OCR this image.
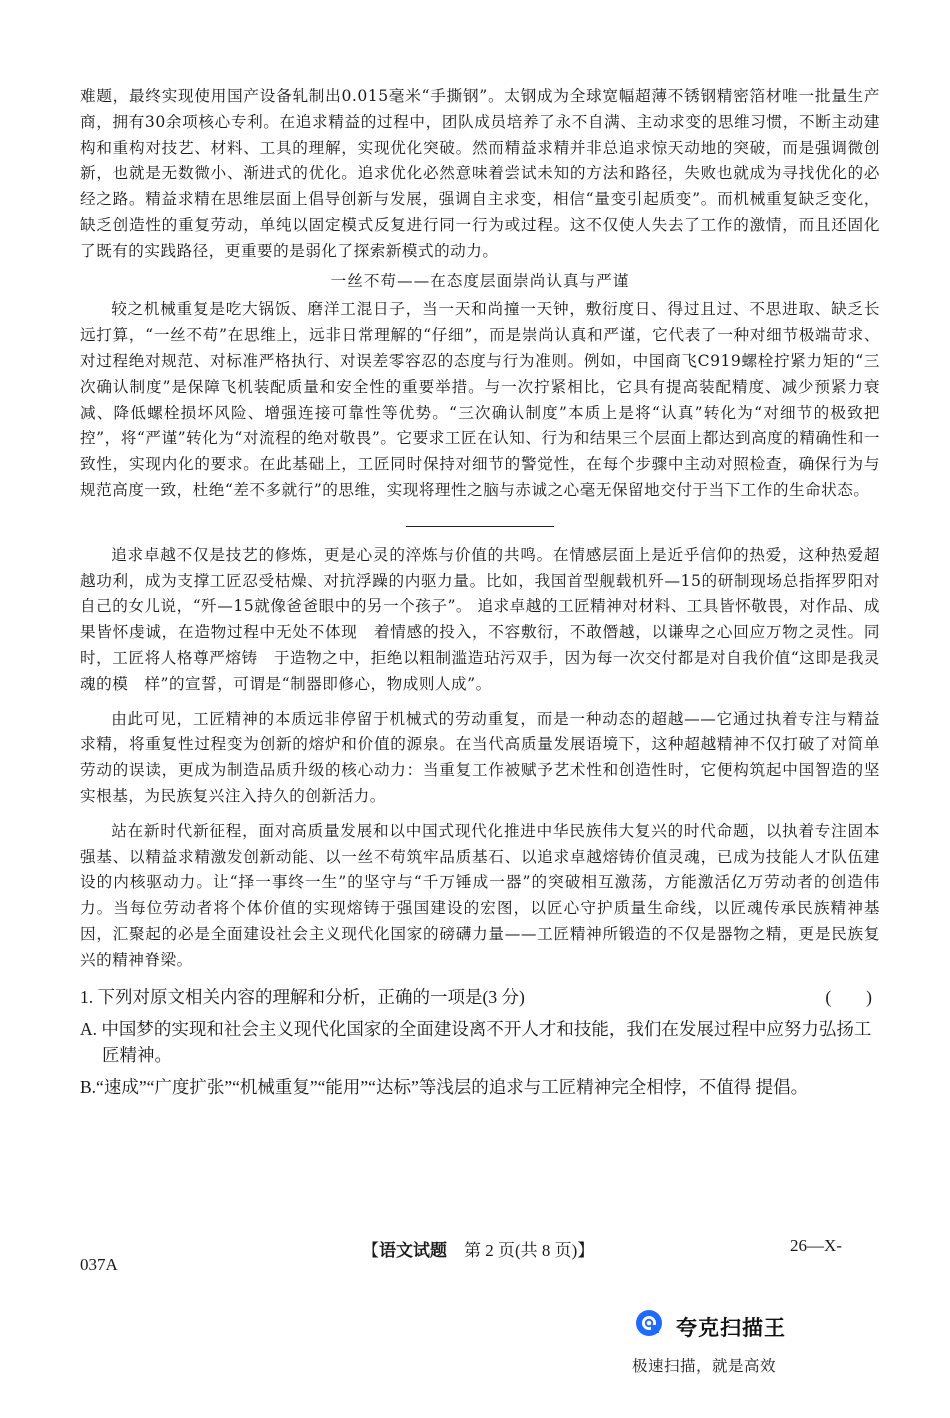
难题，最终实现使用国产设备轧制出0.015毫米“手撕钢”。太钢成为全球宽幅超薄不锈钢精密箔材唯一批量生产商，拥有30余项核心专利。在追求精益的过程中，团队成员培养了永不自满、主动求变的思维习惯，不断主动建构和重构对技艺、材料、工具的理解，实现优化突破。然而精益求精并非总追求惊天动地的突破，而是强调微创新，也就是无数微小、渐进式的优化。追求优化必然意味着尝试未知的方法和路径，失败也就成为寻找优化的必经之路。精益求精在思维层面上倡导创新与发展，强调自主求变，相信“量变引起质变”。而机械重复缺乏变化，缺乏创造性的重复劳动，单纯以固定模式反复进行同一行为或过程。这不仅使人失去了工作的激情，而且还固化了既有的实践路径，更重要的是弱化了探索新模式的动力。

一丝不苟——在态度层面崇尚认真与严谨

较之机械重复是吃大锅饭、磨洋工混日子，当一天和尚撞一天钟，敷衍度日、得过且过、不思进取、缺乏长远打算，“一丝不苟”在思维上，远非日常理解的“仔细”，而是崇尚认真和严谨，它代表了一种对细节极端苛求、对过程绝对规范、对标准严格执行、对误差零容忍的态度与行为准则。例如，中国商飞C919螺栓拧紧力矩的“三次确认制度”是保障飞机装配质量和安全性的重要举措。与一次拧紧相比，它具有提高装配精度、减少预紧力衰减、降低螺栓损坏风险、增强连接可靠性等优势。“三次确认制度”本质上是将“认真”转化为“对细节的极致把控”，将“严谨”转化为“对流程的绝对敬畏”。它要求工匠在认知、行为和结果三个层面上都达到高度的精确性和一致性，实现内化的要求。在此基础上，工匠同时保持对细节的警觉性，在每个步骤中主动对照检查，确保行为与规范高度一致，杜绝“差不多就行”的思维，实现将理性之脑与赤诚之心毫无保留地交付于当下工作的生命状态。

追求卓越不仅是技艺的修炼，更是心灵的淬炼与价值的共鸣。在情感层面上是近乎信仰的热爱，这种热爱超越功利，成为支撑工匠忍受枯燥、对抗浮躁的内驱力量。比如，我国首型舰载机歼—15的研制现场总指挥罗阳对自己的女儿说，“歼—15就像爸爸眼中的另一个孩子”。 追求卓越的工匠精神对材料、工具皆怀敬畏，对作品、成果皆怀虔诚，在造物过程中无处不体现　着情感的投入，不容敷衍，不敢僭越，以谦卑之心回应万物之灵性。同时，工匠将人格尊严熔铸　于造物之中，拒绝以粗制滥造玷污双手，因为每一次交付都是对自我价值“这即是我灵魂的模　样”的宣誓，可谓是“制器即修心，物成则人成”。

由此可见，工匠精神的本质远非停留于机械式的劳动重复，而是一种动态的超越——它通过执着专注与精益求精，将重复性过程变为创新的熔炉和价值的源泉。在当代高质量发展语境下，这种超越精神不仅打破了对简单劳动的误读，更成为制造品质升级的核心动力：当重复工作被赋予艺术性和创造性时，它便构筑起中国智造的坚实根基，为民族复兴注入持久的创新活力。

站在新时代新征程，面对高质量发展和以中国式现代化推进中华民族伟大复兴的时代命题，以执着专注固本强基、以精益求精激发创新动能、以一丝不苟筑牢品质基石、以追求卓越熔铸价值灵魂，已成为技能人才队伍建设的内核驱动力。让“择一事终一生”的坚守与“千万锤成一器”的突破相互激荡，方能激活亿万劳动者的创造伟力。当每位劳动者将个体价值的实现熔铸于强国建设的宏图，以匠心守护质量生命线，以匠魂传承民族精神基因，汇聚起的必是全面建设社会主义现代化国家的磅礴力量——工匠精神所锻造的不仅是器物之精，更是民族复兴的精神脊梁。

1. 下列对原文相关内容的理解和分析，正确的一项是(3 分)	(　　)
A. 中国梦的实现和社会主义现代化国家的全面建设离不开人才和技能，我们在发展过程中应努力弘扬工匠精神。
B.“速成”“广度扩张”“机械重复”“能用”“达标”等浅层的追求与工匠精神完全相悖，不值得 提倡。
【语文试题　第 2 页(共 8 页)】	26—X-
037A
夸克扫描王
极速扫描，就是高效
